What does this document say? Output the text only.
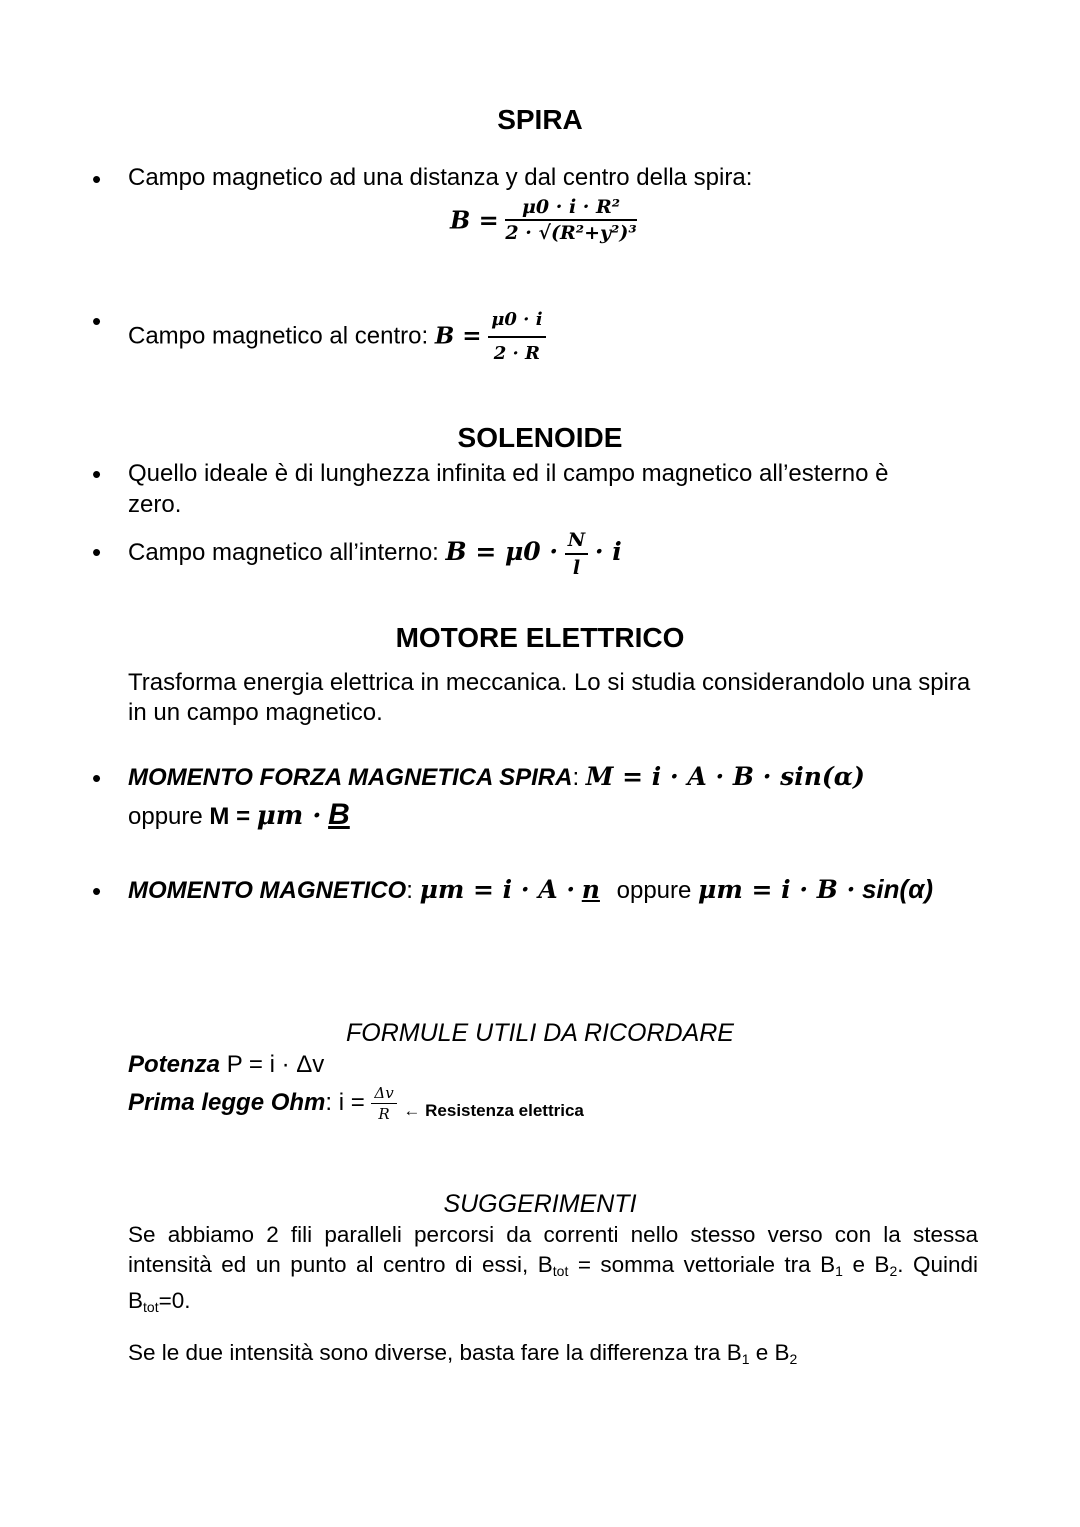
SPIRA
• Campo magnetico ad una distanza y dal centro della spira:
$B = \frac{\text{μ0 · i · R²}}{\text{2 · √(R²+y²)³}}$
• Campo magnetico al centro: $B = \frac{\mu 0 \cdot i}{2 \cdot R}$
SOLENOIDE
• Quello ideale è di lunghezza infinita ed il campo magnetico all’esterno è
zero.
• Campo magnetico all’interno: $B = \mu 0 \cdot \frac{N}{l} \cdot i$
MOTORE ELETTRICO
Trasforma energia elettrica in meccanica. Lo si studia considerandolo una spira
in un campo magnetico.
• MOMENTO FORZA MAGNETICA SPIRA: M = i · A · B · sin(α)
oppure M = μm · B
• MOMENTO MAGNETICO: μm = i · A · n oppure μm = i · B · sin(α)
FORMULE UTILI DA RICORDARE
Potenza P = i · Δv
Prima legge Ohm: $i = \frac{\Delta v}{R} _{\leftarrow Resistenza elettrica}$
SUGGERIMENTI
Se abbiamo 2 fili paralleli percorsi da correnti nello stesso verso con la stessa intensità ed un punto al centro di essi, $B_{tot}$ = somma vettoriale tra $B_1$ e $B_2$. Quindi $B_{tot}=0$.
Se le due intensità sono diverse, basta fare la differenza tra $B_1$ e $B_2$
